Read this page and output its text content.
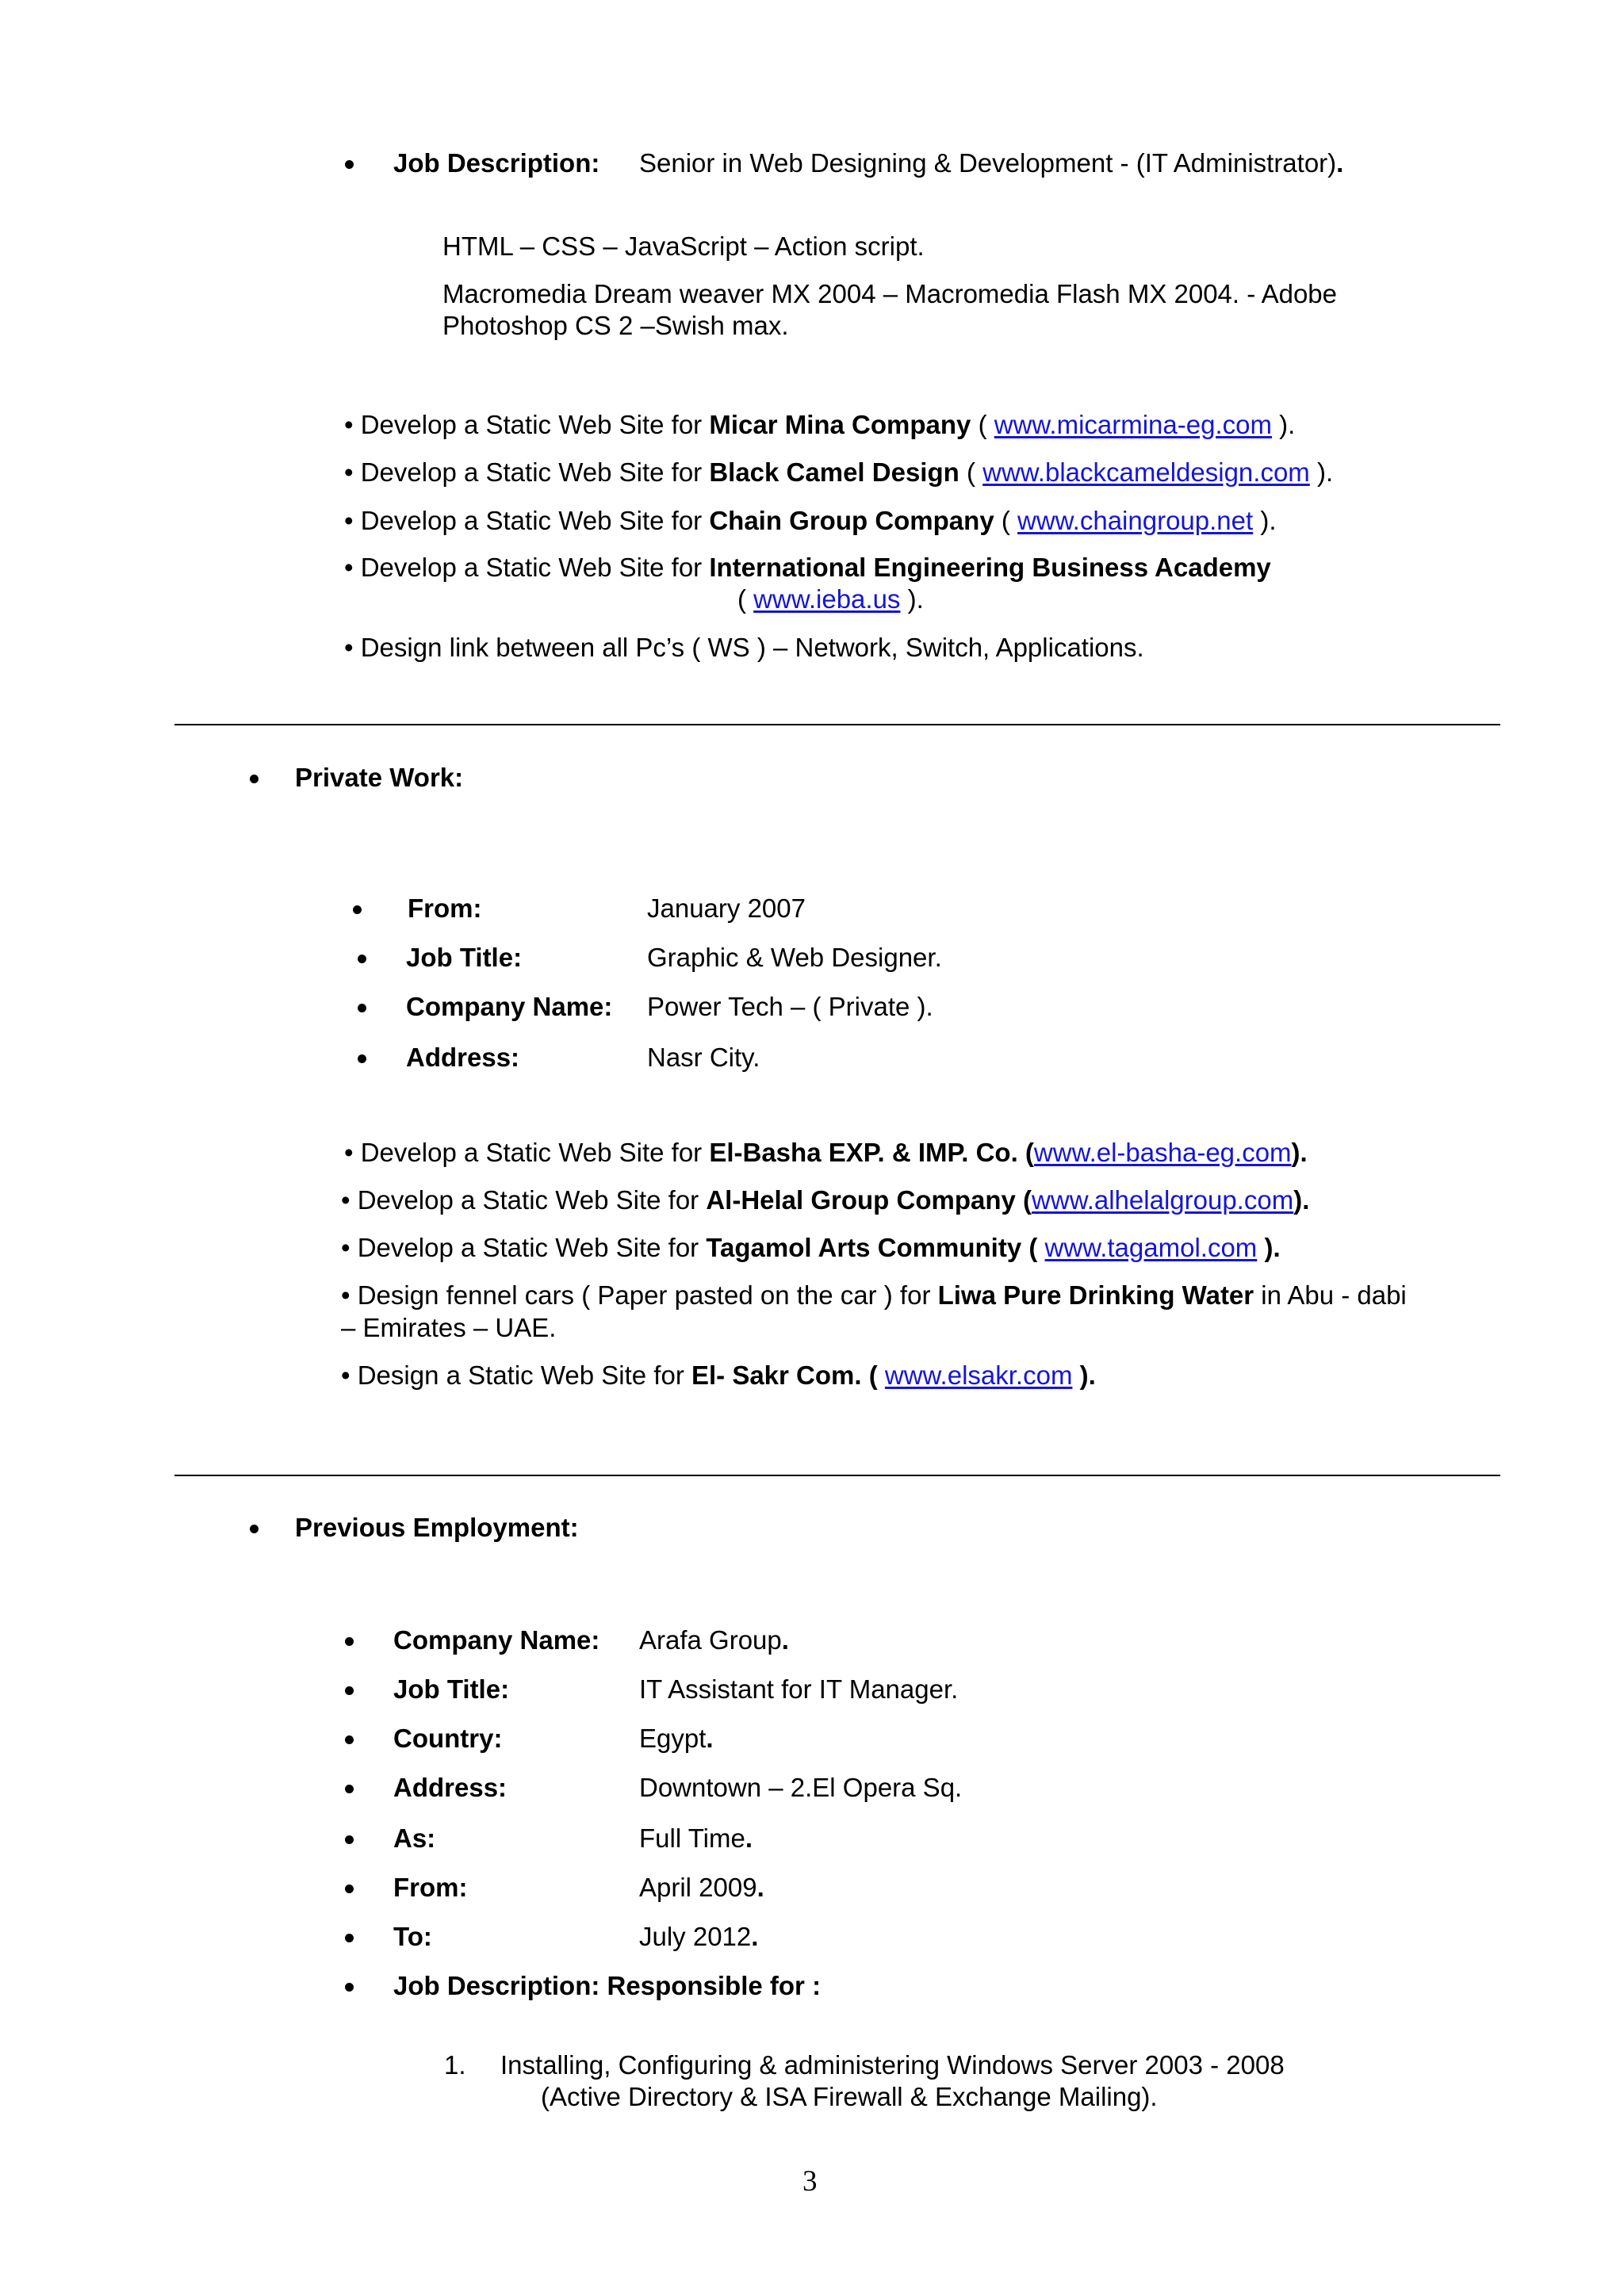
Job Description: Senior in Web Designing & Development - (IT Administrator).
HTML – CSS – JavaScript – Action script.
Macromedia Dream weaver MX 2004 – Macromedia Flash MX 2004. - Adobe
Photoshop CS 2 –Swish max.
• Develop a Static Web Site for Micar Mina Company ( www.micarmina-eg.com ).
• Develop a Static Web Site for Black Camel Design ( www.blackcameldesign.com ).
• Develop a Static Web Site for Chain Group Company ( www.chaingroup.net ).
• Develop a Static Web Site for International Engineering Business Academy
( www.ieba.us ).
• Design link between all Pc’s ( WS ) – Network, Switch, Applications.
Private Work:
From:	January 2007
Job Title:	Graphic & Web Designer.
Company Name: Power Tech – ( Private ).
Address:	Nasr City.
• Develop a Static Web Site for El-Basha EXP. & IMP. Co. (www.el-basha-eg.com).
• Develop a Static Web Site for Al-Helal Group Company (www.alhelalgroup.com).
• Develop a Static Web Site for Tagamol Arts Community ( www.tagamol.com ).
• Design fennel cars ( Paper pasted on the car ) for Liwa Pure Drinking Water in Abu - dabi
– Emirates – UAE.
• Design a Static Web Site for El- Sakr Com. ( www.elsakr.com ).
Previous Employment:
Company Name: Arafa Group.
Job Title:	IT Assistant for IT Manager.
Country:	Egypt.
Address:	Downtown – 2.El Opera Sq.
As:	Full Time.
From:	April 2009.
To:	July 2012.
Job Description: Responsible for :
1. Installing, Configuring & administering Windows Server 2003 - 2008
(Active Directory & ISA Firewall & Exchange Mailing).
3
